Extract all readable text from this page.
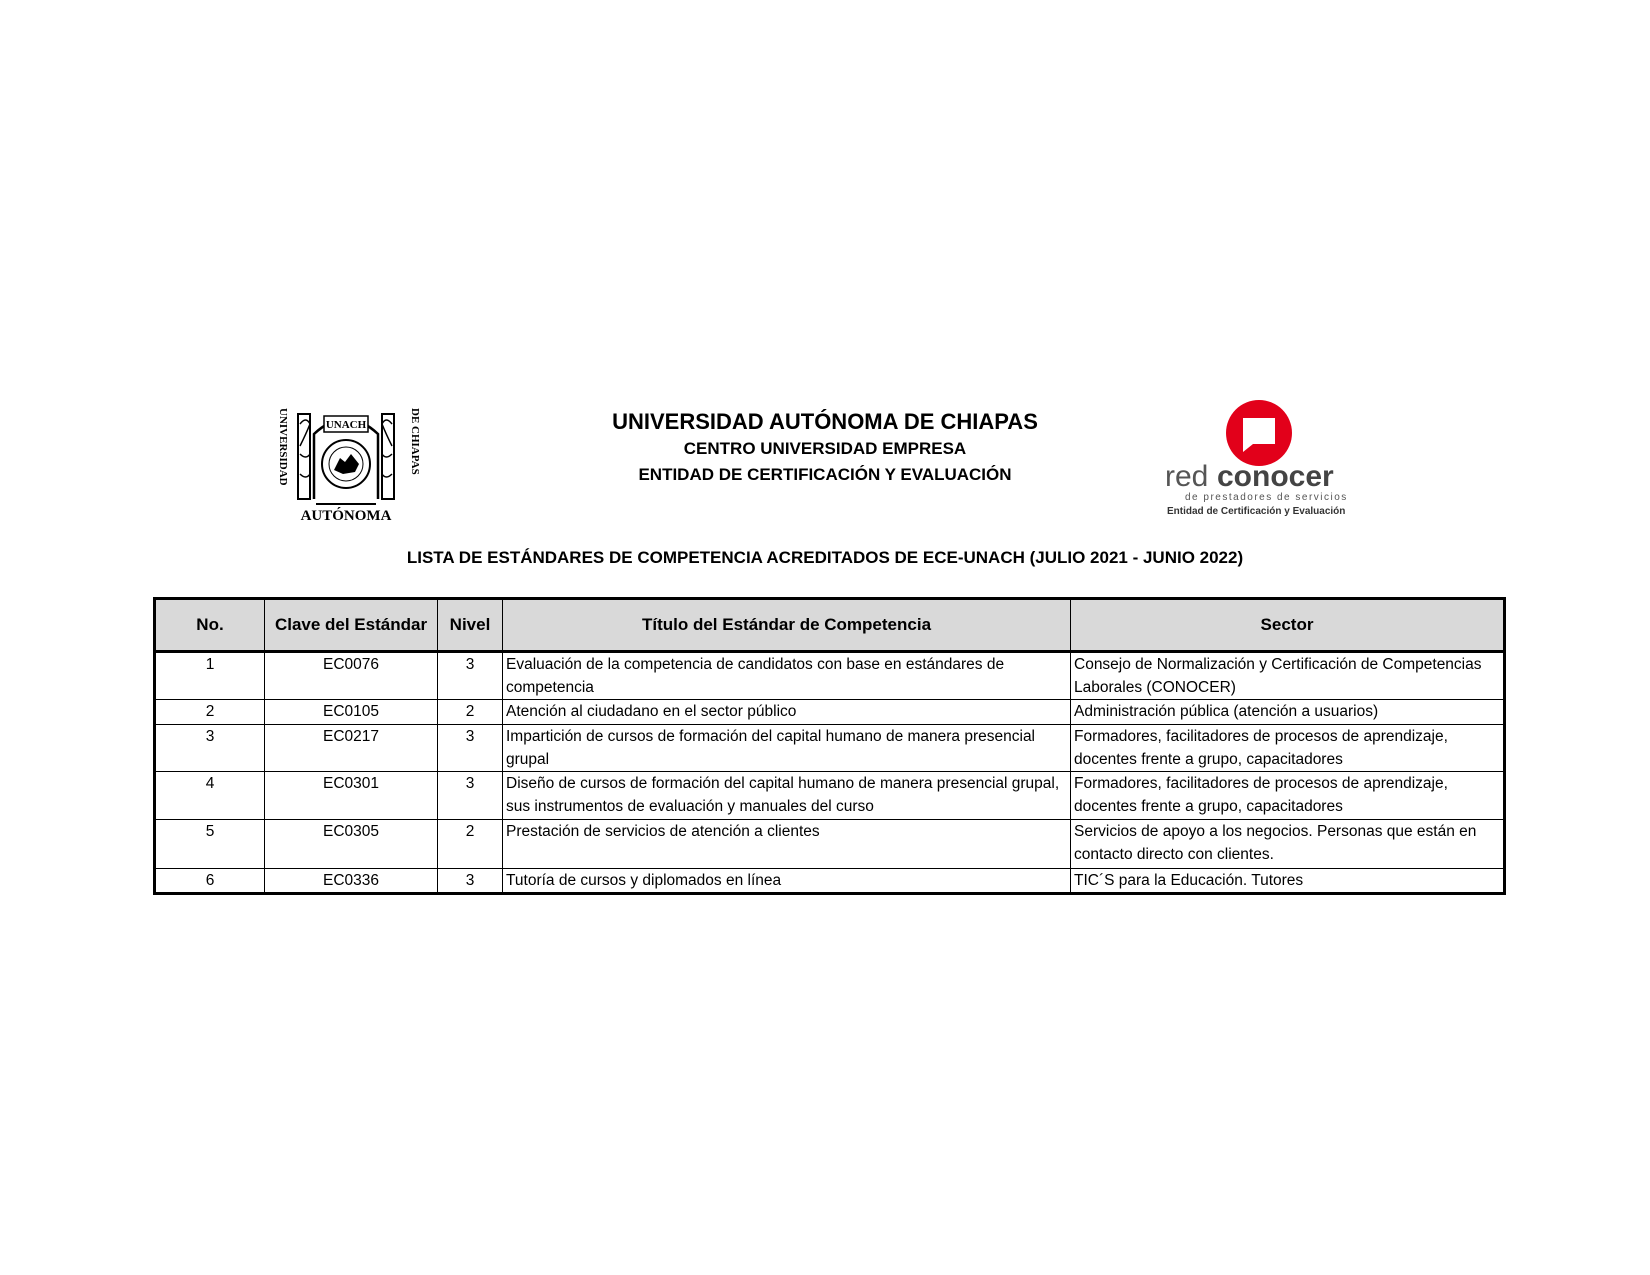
UNIVERSIDAD	DE CHIAPAS
UNACH
AUTÓNOMA
UNIVERSIDAD AUTÓNOMA DE CHIAPAS
CENTRO UNIVERSIDAD EMPRESA
ENTIDAD DE CERTIFICACIÓN Y EVALUACIÓN	red conocer
de prestadores de servicios
Entidad de Certificación y Evaluación
LISTA DE ESTÁNDARES DE COMPETENCIA ACREDITADOS DE ECE-UNACH (JULIO 2021 - JUNIO 2022)
No.	Clave del Estándar	Nivel	Título del Estándar de Competencia	Sector
1	EC0076	3	Evaluación de la competencia de candidatos con base en estándares de competencia	Consejo de Normalización y Certificación de Competencias Laborales (CONOCER)
2	EC0105	2	Atención al ciudadano en el sector público	Administración pública (atención a usuarios)
3	EC0217	3	Impartición de cursos de formación del capital humano de manera presencial grupal	Formadores, facilitadores de procesos de aprendizaje, docentes frente a grupo, capacitadores
4	EC0301	3	Diseño de cursos de formación del capital humano de manera presencial grupal, sus instrumentos de evaluación y manuales del curso	Formadores, facilitadores de procesos de aprendizaje, docentes frente a grupo, capacitadores
5	EC0305	2	Prestación de servicios de atención a clientes	Servicios de apoyo a los negocios. Personas que están en contacto directo con clientes.
6	EC0336	3	Tutoría de cursos y diplomados en línea	TIC´S para la Educación. Tutores
